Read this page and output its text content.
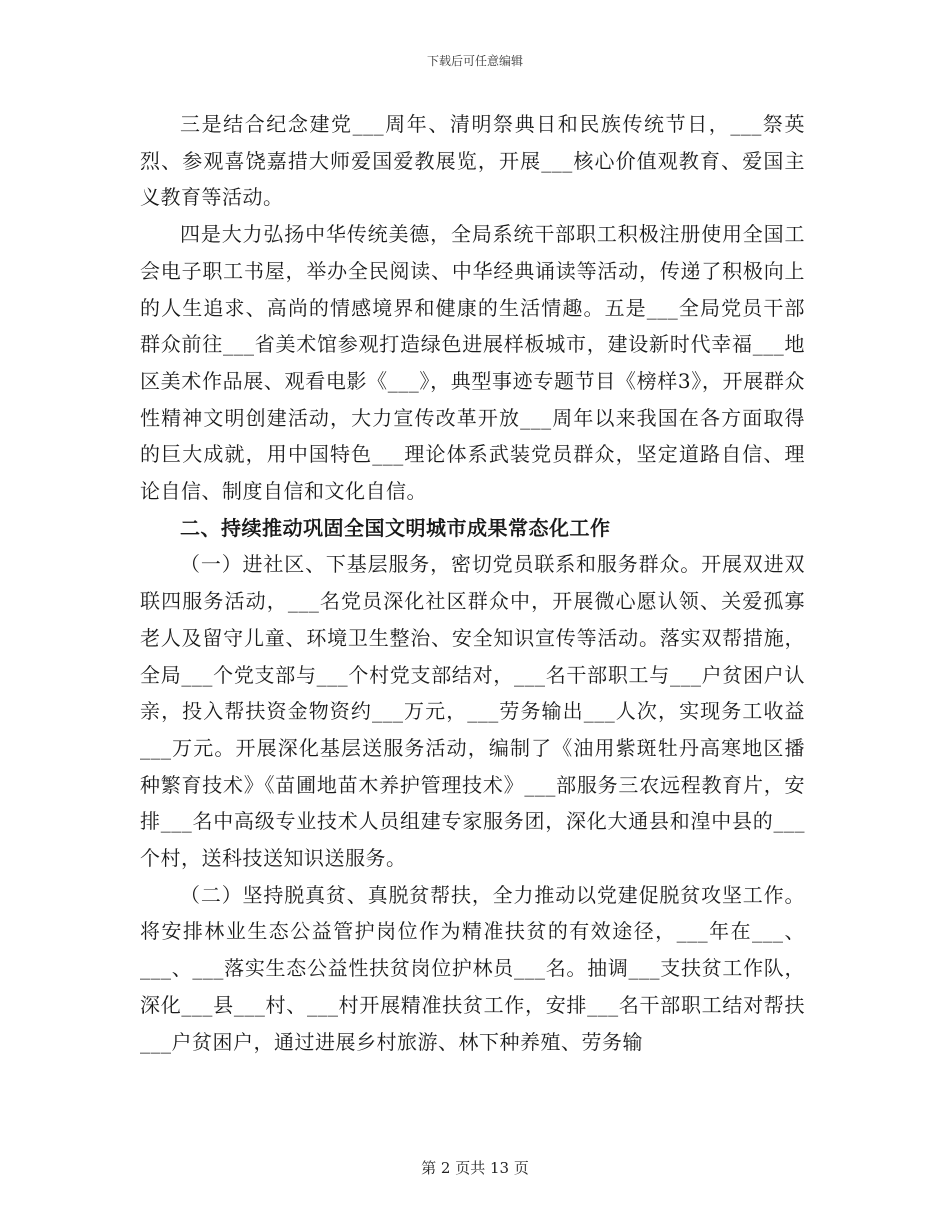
下载后可任意编辑

三是结合纪念建党___周年、清明祭典日和民族传统节日，___祭英烈、参观喜饶嘉措大师爱国爱教展览，开展___核心价值观教育、爱国主义教育等活动。

四是大力弘扬中华传统美德，全局系统干部职工积极注册使用全国工会电子职工书屋，举办全民阅读、中华经典诵读等活动，传递了积极向上的人生追求、高尚的情感境界和健康的生活情趣。五是___全局党员干部群众前往___省美术馆参观打造绿色进展样板城市，建设新时代幸福___地区美术作品展、观看电影《___》，典型事迹专题节目《榜样3》，开展群众性精神文明创建活动，大力宣传改革开放___周年以来我国在各方面取得的巨大成就，用中国特色___理论体系武装党员群众，坚定道路自信、理论自信、制度自信和文化自信。

二、持续推动巩固全国文明城市成果常态化工作

（一）进社区、下基层服务，密切党员联系和服务群众。开展双进双联四服务活动，___名党员深化社区群众中，开展微心愿认领、关爱孤寡老人及留守儿童、环境卫生整治、安全知识宣传等活动。落实双帮措施，全局___个党支部与___个村党支部结对，___名干部职工与___户贫困户认亲，投入帮扶资金物资约___万元，___劳务输出___人次，实现务工收益___万元。开展深化基层送服务活动，编制了《油用紫斑牡丹高寒地区播种繁育技术》《苗圃地苗木养护管理技术》___部服务三农远程教育片，安排___名中高级专业技术人员组建专家服务团，深化大通县和湟中县的___个村，送科技送知识送服务。

（二）坚持脱真贫、真脱贫帮扶，全力推动以党建促脱贫攻坚工作。将安排林业生态公益管护岗位作为精准扶贫的有效途径，___年在___、___、___落实生态公益性扶贫岗位护林员___名。抽调___支扶贫工作队，深化___县___村、___村开展精准扶贫工作，安排___名干部职工结对帮扶___户贫困户，通过进展乡村旅游、林下种养殖、劳务输

第 2 页共 13 页
